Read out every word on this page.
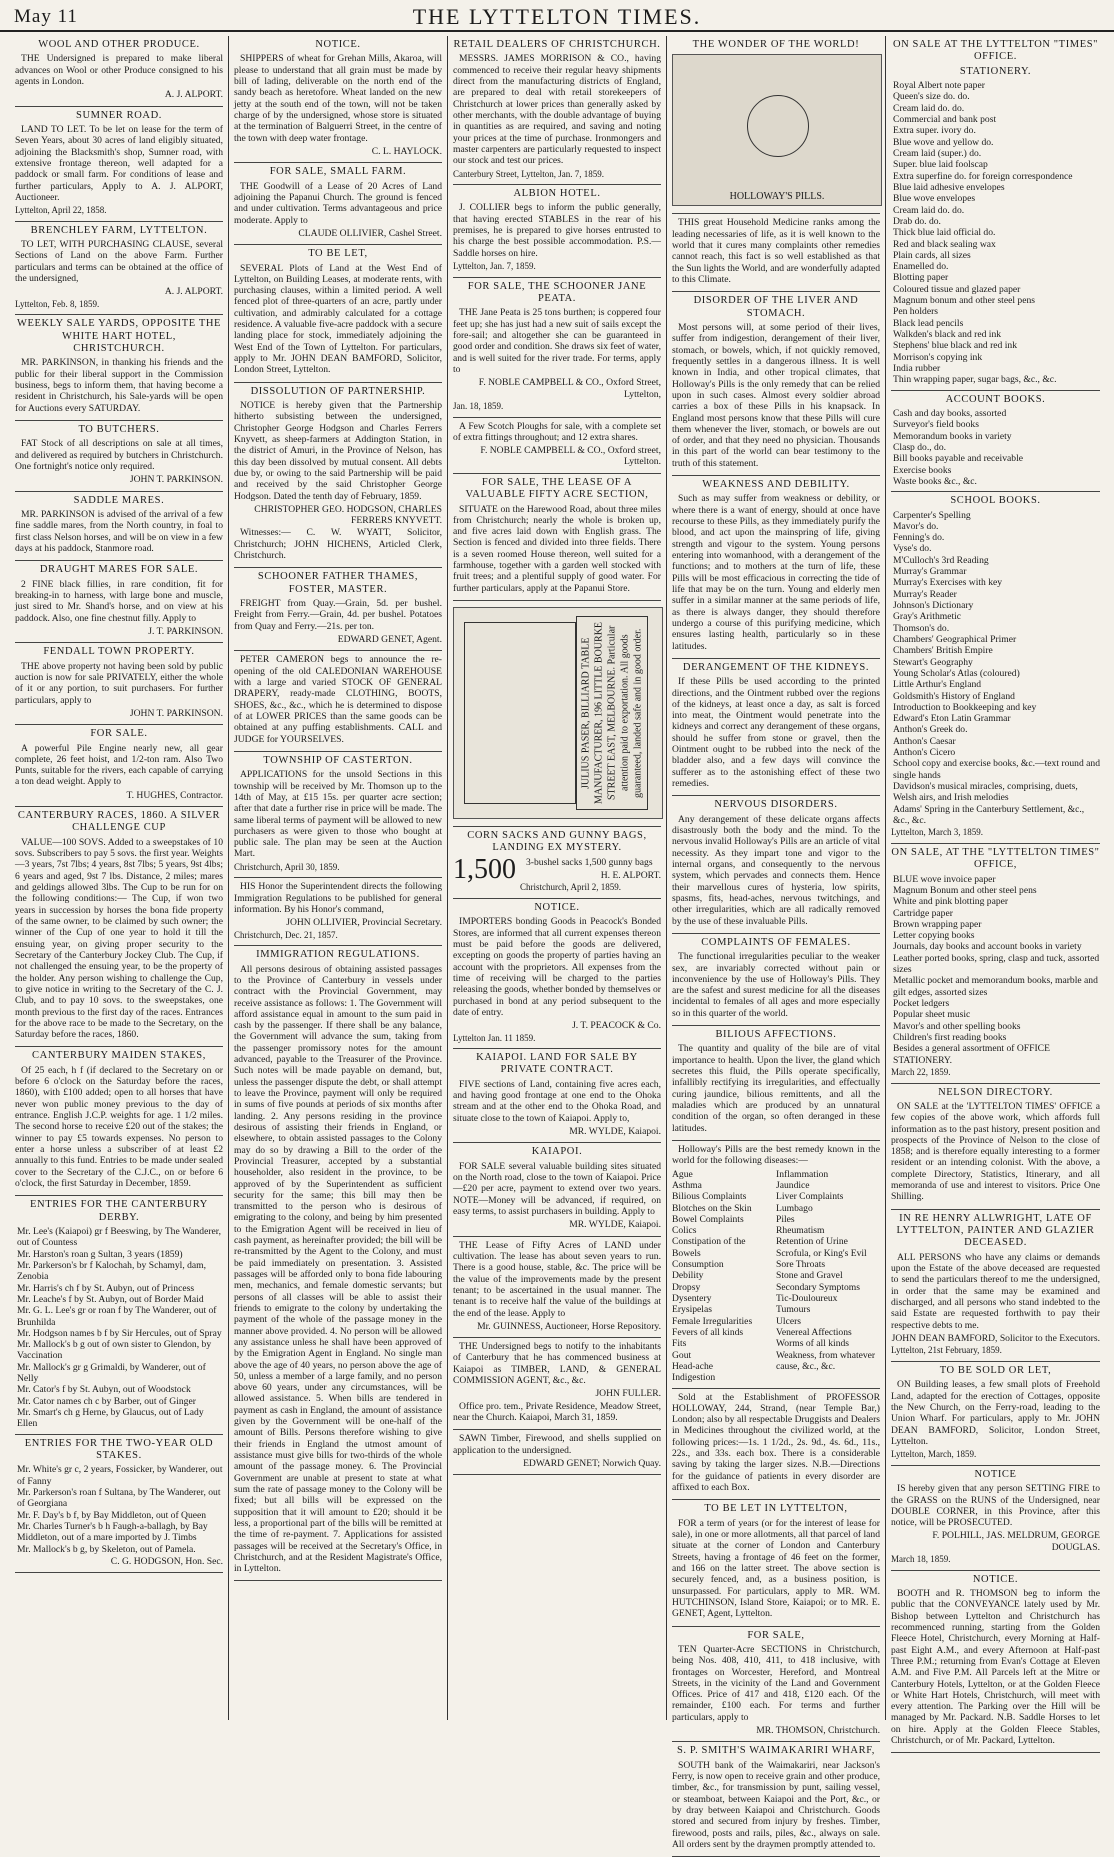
May 11	THE LYTTELTON TIMES.
WOOL AND OTHER PRODUCE.

THE Undersigned is prepared to make liberal advances on Wool or other Produce consigned to his agents in London.

A. J. ALPORT.
SUMNER ROAD.

LAND TO LET. To be let on lease for the term of Seven Years, about 30 acres of land eligibly situated, adjoining the Blacksmith's shop, Sumner road, with extensive frontage thereon, well adapted for a paddock or small farm. For conditions of lease and further particulars, Apply to A. J. ALPORT, Auctioneer.

Lyttelton, April 22, 1858.

BRENCHLEY FARM, LYTTELTON.

TO LET, WITH PURCHASING CLAUSE, several Sections of Land on the above Farm. Further particulars and terms can be obtained at the office of the undersigned,

A. J. ALPORT.

Lyttelton, Feb. 8, 1859.

WEEKLY SALE YARDS, OPPOSITE THE WHITE HART HOTEL, CHRISTCHURCH.

MR. PARKINSON, in thanking his friends and the public for their liberal support in the Commission business, begs to inform them, that having become a resident in Christchurch, his Sale-yards will be open for Auctions every SATURDAY.

TO BUTCHERS.

FAT Stock of all descriptions on sale at all times, and delivered as required by butchers in Christchurch. One fortnight's notice only required.

JOHN T. PARKINSON.
SADDLE MARES.

MR. PARKINSON is advised of the arrival of a few fine saddle mares, from the North country, in foal to first class Nelson horses, and will be on view in a few days at his paddock, Stanmore road.

DRAUGHT MARES FOR SALE.

2 FINE black fillies, in rare condition, fit for breaking-in to harness, with large bone and muscle, just sired to Mr. Shand's horse, and on view at his paddock. Also, one fine chestnut filly. Apply to

J. T. PARKINSON.
FENDALL TOWN PROPERTY.

THE above property not having been sold by public auction is now for sale PRIVATELY, either the whole of it or any portion, to suit purchasers. For further particulars, apply to

JOHN T. PARKINSON.
FOR SALE.

A powerful Pile Engine nearly new, all gear complete, 26 feet hoist, and 1/2-ton ram. Also Two Punts, suitable for the rivers, each capable of carrying a ton dead weight. Apply to

T. HUGHES, Contractor.
CANTERBURY RACES, 1860. A SILVER CHALLENGE CUP

VALUE—100 SOVS. Added to a sweepstakes of 10 sovs. Subscribers to pay 5 sovs. the first year. Weights—3 years, 7st 7lbs; 4 years, 8st 7lbs; 5 years, 9st 4lbs; 6 years and aged, 9st 7 lbs. Distance, 2 miles; mares and geldings allowed 3lbs. The Cup to be run for on the following conditions:— The Cup, if won two years in succession by horses the bona fide property of the same owner, to be claimed by such owner; the winner of the Cup of one year to hold it till the ensuing year, on giving proper security to the Secretary of the Canterbury Jockey Club. The Cup, if not challenged the ensuing year, to be the property of the holder. Any person wishing to challenge the Cup, to give notice in writing to the Secretary of the C. J. Club, and to pay 10 sovs. to the sweepstakes, one month previous to the first day of the races. Entrances for the above race to be made to the Secretary, on the Saturday before the races, 1860.

CANTERBURY MAIDEN STAKES,

Of 25 each, h f (if declared to the Secretary on or before 6 o'clock on the Saturday before the races, 1860), with £100 added; open to all horses that have never won public money previous to the day of entrance. English J.C.P. weights for age. 1 1/2 miles. The second horse to receive £20 out of the stakes; the winner to pay £5 towards expenses. No person to enter a horse unless a subscriber of at least £2 annually to this fund. Entries to be made under sealed cover to the Secretary of the C.J.C., on or before 6 o'clock, the first Saturday in December, 1859.

ENTRIES FOR THE CANTERBURY DERBY.
Mr. Lee's (Kaiapoi) gr f Beeswing, by The Wanderer, out of Countess
Mr. Harston's roan g Sultan, 3 years (1859)
Mr. Parkerson's br f Kalochah, by Schamyl, dam, Zenobia
Mr. Harris's ch f by St. Aubyn, out of Princess
Mr. Leache's f by St. Aubyn, out of Border Maid
Mr. G. L. Lee's gr or roan f by The Wanderer, out of Brunhilda
Mr. Hodgson names b f by Sir Hercules, out of Spray
Mr. Mallock's b g out of own sister to Glendon, by Vaccination
Mr. Mallock's gr g Grimaldi, by Wanderer, out of Nelly
Mr. Cator's f by St. Aubyn, out of Woodstock
Mr. Cator names ch c by Barber, out of Ginger
Mr. Smart's ch g Herne, by Glaucus, out of Lady Ellen
ENTRIES FOR THE TWO-YEAR OLD STAKES.
Mr. White's gr c, 2 years, Fossicker, by Wanderer, out of Fanny
Mr. Parkerson's roan f Sultana, by The Wanderer, out of Georgiana
Mr. F. Day's b f, by Bay Middleton, out of Queen
Mr. Charles Turner's b h Faugh-a-ballagh, by Bay Middleton, out of a mare imported by J. Timbs
Mr. Mallock's b g, by Skeleton, out of Pamela.
C. G. HODGSON, Hon. Sec.
NOTICE.

SHIPPERS of wheat for Grehan Mills, Akaroa, will please to understand that all grain must be made by bill of lading, deliverable on the north end of the sandy beach as heretofore. Wheat landed on the new jetty at the south end of the town, will not be taken charge of by the undersigned, whose store is situated at the termination of Balguerri Street, in the centre of the town with deep water frontage.

C. L. HAYLOCK.
FOR SALE, SMALL FARM.

THE Goodwill of a Lease of 20 Acres of Land adjoining the Papanui Church. The ground is fenced and under cultivation. Terms advantageous and price moderate. Apply to

CLAUDE OLLIVIER, Cashel Street.
TO BE LET,

SEVERAL Plots of Land at the West End of Lyttelton, on Building Leases, at moderate rents, with purchasing clauses, within a limited period. A well fenced plot of three-quarters of an acre, partly under cultivation, and admirably calculated for a cottage residence. A valuable five-acre paddock with a secure landing place for stock, immediately adjoining the West End of the Town of Lyttelton. For particulars, apply to Mr. JOHN DEAN BAMFORD, Solicitor, London Street, Lyttelton.

DISSOLUTION OF PARTNERSHIP.

NOTICE is hereby given that the Partnership hitherto subsisting between the undersigned, Christopher George Hodgson and Charles Ferrers Knyvett, as sheep-farmers at Addington Station, in the district of Amuri, in the Province of Nelson, has this day been dissolved by mutual consent. All debts due by, or owing to the said Partnership will be paid and received by the said Christopher George Hodgson. Dated the tenth day of February, 1859.

CHRISTOPHER GEO. HODGSON, CHARLES FERRERS KNYVETT.

Witnesses:— C. W. WYATT, Solicitor, Christchurch; JOHN HICHENS, Articled Clerk, Christchurch.

SCHOONER FATHER THAMES, FOSTER, MASTER.

FREIGHT from Quay.—Grain, 5d. per bushel. Freight from Ferry.—Grain, 4d. per bushel. Potatoes from Quay and Ferry.—21s. per ton.

EDWARD GENET, Agent.

PETER CAMERON begs to announce the re-opening of the old CALEDONIAN WAREHOUSE with a large and varied STOCK OF GENERAL DRAPERY, ready-made CLOTHING, BOOTS, SHOES, &c., &c., which he is determined to dispose of at LOWER PRICES than the same goods can be obtained at any puffing establishments. CALL and JUDGE for YOURSELVES.

TOWNSHIP OF CASTERTON.

APPLICATIONS for the unsold Sections in this township will be received by Mr. Thomson up to the 14th of May, at £15 15s. per quarter acre section; after that date a further rise in price will be made. The same liberal terms of payment will be allowed to new purchasers as were given to those who bought at public sale. The plan may be seen at the Auction Mart.

Christchurch, April 30, 1859.

HIS Honor the Superintendent directs the following Immigration Regulations to be published for general information. By his Honor's command,

JOHN OLLIVIER, Provincial Secretary.

Christchurch, Dec. 21, 1857.

IMMIGRATION REGULATIONS.

All persons desirous of obtaining assisted passages to the Province of Canterbury in vessels under contract with the Provincial Government, may receive assistance as follows: 1. The Government will afford assistance equal in amount to the sum paid in cash by the passenger. If there shall be any balance, the Government will advance the sum, taking from the passenger promissory notes for the amount advanced, payable to the Treasurer of the Province. Such notes will be made payable on demand, but, unless the passenger dispute the debt, or shall attempt to leave the Province, payment will only be required in sums of five pounds at periods of six months after landing. 2. Any persons residing in the province desirous of assisting their friends in England, or elsewhere, to obtain assisted passages to the Colony may do so by drawing a Bill to the order of the Provincial Treasurer, accepted by a substantial householder, also resident in the province, to be approved of by the Superintendent as sufficient security for the same; this bill may then be transmitted to the person who is desirous of emigrating to the colony, and being by him presented to the Emigration Agent will be received in lieu of cash payment, as hereinafter provided; the bill will be re-transmitted by the Agent to the Colony, and must be paid immediately on presentation. 3. Assisted passages will be afforded only to bona fide labouring men, mechanics, and female domestic servants; but persons of all classes will be able to assist their friends to emigrate to the colony by undertaking the payment of the whole of the passage money in the manner above provided. 4. No person will be allowed any assistance unless he shall have been approved of by the Emigration Agent in England. No single man above the age of 40 years, no person above the age of 50, unless a member of a large family, and no person above 60 years, under any circumstances, will be allowed assistance. 5. When bills are tendered in payment as cash in England, the amount of assistance given by the Government will be one-half of the amount of Bills. Persons therefore wishing to give their friends in England the utmost amount of assistance must give bills for two-thirds of the whole amount of the passage money. 6. The Provincial Government are unable at present to state at what sum the rate of passage money to the Colony will be fixed; but all bills will be expressed on the supposition that it will amount to £20; should it be less, a proportional part of the bills will be remitted at the time of re-payment. 7. Applications for assisted passages will be received at the Secretary's Office, in Christchurch, and at the Resident Magistrate's Office, in Lyttelton.

RETAIL DEALERS OF CHRISTCHURCH.

MESSRS. JAMES MORRISON & CO., having commenced to receive their regular heavy shipments direct from the manufacturing districts of England, are prepared to deal with retail storekeepers of Christchurch at lower prices than generally asked by other merchants, with the double advantage of buying in quantities as are required, and saving and noting your prices at the time of purchase. Ironmongers and master carpenters are particularly requested to inspect our stock and test our prices.

Canterbury Street, Lyttelton, Jan. 7, 1859.

ALBION HOTEL.

J. COLLIER begs to inform the public generally, that having erected STABLES in the rear of his premises, he is prepared to give horses entrusted to his charge the best possible accommodation. P.S.—Saddle horses on hire.

Lyttelton, Jan. 7, 1859.

FOR SALE, THE SCHOONER JANE PEATA.

THE Jane Peata is 25 tons burthen; is coppered four feet up; she has just had a new suit of sails except the fore-sail; and altogether she can be guaranteed in good order and condition. She draws six feet of water, and is well suited for the river trade. For terms, apply to

F. NOBLE CAMPBELL & CO., Oxford Street, Lyttelton,

Jan. 18, 1859.

A Few Scotch Ploughs for sale, with a complete set of extra fittings throughout; and 12 extra shares.

F. NOBLE CAMPBELL & CO., Oxford street, Lyttelton.
FOR SALE, THE LEASE OF A VALUABLE FIFTY ACRE SECTION,

SITUATE on the Harewood Road, about three miles from Christchurch; nearly the whole is broken up, and five acres laid down with English grass. The Section is fenced and divided into three fields. There is a seven roomed House thereon, well suited for a farmhouse, together with a garden well stocked with fruit trees; and a plentiful supply of good water. For further particulars, apply at the Papanui Store.

JULIUS PASER, BILLIARD TABLE MANUFACTURER, 196 LITTLE BOURKE STREET EAST, MELBOURNE. Particular attention paid to exportation. All goods guaranteed, landed safe and in good order.
CORN SACKS AND GUNNY BAGS, LANDING EX MYSTERY.
1,500	3-bushel sacks 1,500 gunny bags

H. E. ALPORT.

Christchurch, April 2, 1859.

NOTICE.

IMPORTERS bonding Goods in Peacock's Bonded Stores, are informed that all current expenses thereon must be paid before the goods are delivered, excepting on goods the property of parties having an account with the proprietors. All expenses from the time of receiving will be charged to the parties releasing the goods, whether bonded by themselves or purchased in bond at any period subsequent to the date of entry.

J. T. PEACOCK & Co.

Lyttelton Jan. 11 1859.

KAIAPOI. LAND FOR SALE BY PRIVATE CONTRACT.

FIVE sections of Land, containing five acres each, and having good frontage at one end to the Ohoka stream and at the other end to the Ohoka Road, and situate close to the town of Kaiapoi. Apply to,

MR. WYLDE, Kaiapoi.
KAIAPOI.

FOR SALE several valuable building sites situated on the North road, close to the town of Kaiapoi. Price—£20 per acre, payment to extend over two years. NOTE—Money will be advanced, if required, on easy terms, to assist purchasers in building. Apply to

MR. WYLDE, Kaiapoi.

THE Lease of Fifty Acres of LAND under cultivation. The lease has about seven years to run. There is a good house, stable, &c. The price will be the value of the improvements made by the present tenant; to be ascertained in the usual manner. The tenant is to receive half the value of the buildings at the end of the lease. Apply to

Mr. GUINNESS, Auctioneer, Horse Repository.

THE Undersigned begs to notify to the inhabitants of Canterbury that he has commenced business at Kaiapoi as TIMBER, LAND, & GENERAL COMMISSION AGENT, &c., &c.

JOHN FULLER.

Office pro. tem., Private Residence, Meadow Street, near the Church. Kaiapoi, March 31, 1859.

SAWN Timber, Firewood, and shells supplied on application to the undersigned.

EDWARD GENET; Norwich Quay.
THE WONDER OF THE WORLD!
HOLLOWAY'S PILLS.

THIS great Household Medicine ranks among the leading necessaries of life, as it is well known to the world that it cures many complaints other remedies cannot reach, this fact is so well established as that the Sun lights the World, and are wonderfully adapted to this Climate.

DISORDER OF THE LIVER AND STOMACH.

Most persons will, at some period of their lives, suffer from indigestion, derangement of their liver, stomach, or bowels, which, if not quickly removed, frequently settles in a dangerous illness. It is well known in India, and other tropical climates, that Holloway's Pills is the only remedy that can be relied upon in such cases. Almost every soldier abroad carries a box of these Pills in his knapsack. In England most persons know that these Pills will cure them whenever the liver, stomach, or bowels are out of order, and that they need no physician. Thousands in this part of the world can bear testimony to the truth of this statement.

WEAKNESS AND DEBILITY.

Such as may suffer from weakness or debility, or where there is a want of energy, should at once have recourse to these Pills, as they immediately purify the blood, and act upon the mainspring of life, giving strength and vigour to the system. Young persons entering into womanhood, with a derangement of the functions; and to mothers at the turn of life, these Pills will be most efficacious in correcting the tide of life that may be on the turn. Young and elderly men suffer in a similar manner at the same periods of life, as there is always danger, they should therefore undergo a course of this purifying medicine, which ensures lasting health, particularly so in these latitudes.

DERANGEMENT OF THE KIDNEYS.

If these Pills be used according to the printed directions, and the Ointment rubbed over the regions of the kidneys, at least once a day, as salt is forced into meat, the Ointment would penetrate into the kidneys and correct any derangement of these organs, should he suffer from stone or gravel, then the Ointment ought to be rubbed into the neck of the bladder also, and a few days will convince the sufferer as to the astonishing effect of these two remedies.

NERVOUS DISORDERS.

Any derangement of these delicate organs affects disastrously both the body and the mind. To the nervous invalid Holloway's Pills are an article of vital necessity. As they impart tone and vigor to the internal organs, and consequently to the nervous system, which pervades and connects them. Hence their marvellous cures of hysteria, low spirits, spasms, fits, head-aches, nervous twitchings, and other irregularities, which are all radically removed by the use of these invaluable Pills.

COMPLAINTS OF FEMALES.

The functional irregularities peculiar to the weaker sex, are invariably corrected without pain or inconvenience by the use of Holloway's Pills. They are the safest and surest medicine for all the diseases incidental to females of all ages and more especially so in this quarter of the world.

BILIOUS AFFECTIONS.

The quantity and quality of the bile are of vital importance to health. Upon the liver, the gland which secretes this fluid, the Pills operate specifically, infallibly rectifying its irregularities, and effectually curing jaundice, bilious remittents, and all the maladies which are produced by an unnatural condition of the organ, so often deranged in these latitudes.

Holloway's Pills are the best remedy known in the world for the following diseases:—

Ague
Asthma
Bilious Complaints
Blotches on the Skin
Bowel Complaints
Colics
Constipation of the Bowels
Consumption
Debility
Dropsy
Dysentery
Erysipelas
Female Irregularities
Fevers of all kinds
Fits
Gout
Head-ache
Indigestion
Inflammation
Jaundice
Liver Complaints
Lumbago
Piles
Rheumatism
Retention of Urine
Scrofula, or King's Evil
Sore Throats
Stone and Gravel
Secondary Symptoms
Tic-Douloureux
Tumours
Ulcers
Venereal Affections
Worms of all kinds
Weakness, from whatever cause, &c., &c.

Sold at the Establishment of PROFESSOR HOLLOWAY, 244, Strand, (near Temple Bar,) London; also by all respectable Druggists and Dealers in Medicines throughout the civilized world, at the following prices:—1s. 1 1/2d., 2s. 9d., 4s. 6d., 11s., 22s., and 33s. each box. There is a considerable saving by taking the larger sizes. N.B.—Directions for the guidance of patients in every disorder are affixed to each Box.

TO BE LET IN LYTTELTON,

FOR a term of years (or for the interest of lease for sale), in one or more allotments, all that parcel of land situate at the corner of London and Canterbury Streets, having a frontage of 46 feet on the former, and 166 on the latter street. The above section is securely fenced, and, as a business position, is unsurpassed. For particulars, apply to MR. WM. HUTCHINSON, Island Store, Kaiapoi; or to MR. E. GENET, Agent, Lyttelton.

FOR SALE,

TEN Quarter-Acre SECTIONS in Christchurch, being Nos. 408, 410, 411, to 418 inclusive, with frontages on Worcester, Hereford, and Montreal Streets, in the vicinity of the Land and Government Offices. Price of 417 and 418, £120 each. Of the remainder, £100 each. For terms and further particulars, apply to

MR. THOMSON, Christchurch.
S. P. SMITH'S WAIMAKARIRI WHARF,

SOUTH bank of the Waimakariri, near Jackson's Ferry, is now open to receive grain and other produce, timber, &c., for transmission by punt, sailing vessel, or steamboat, between Kaiapoi and the Port, &c., or by dray between Kaiapoi and Christchurch. Goods stored and secured from injury by freshes. Timber, firewood, posts and rails, piles, &c., always on sale. All orders sent by the draymen promptly attended to.

ON SALE AT THE LYTTELTON "TIMES" OFFICE.
STATIONERY.
Royal Albert note paper
Queen's size do. do.
Cream laid do. do.
Commercial and bank post
Extra super. ivory do.
Blue wove and yellow do.
Cream laid (super.) do.
Super. blue laid foolscap
Extra superfine do. for foreign correspondence
Blue laid adhesive envelopes
Blue wove envelopes
Cream laid do. do.
Drab do. do.
Thick blue laid official do.
Red and black sealing wax
Plain cards, all sizes
Enamelled do.
Blotting paper
Coloured tissue and glazed paper
Magnum bonum and other steel pens
Pen holders
Black lead pencils
Walkden's black and red ink
Stephens' blue black and red ink
Morrison's copying ink
India rubber
Thin wrapping paper, sugar bags, &c., &c.
ACCOUNT BOOKS.
Cash and day books, assorted
Surveyor's field books
Memorandum books in variety
Clasp do., do.
Bill books payable and receivable
Exercise books
Waste books &c., &c.
SCHOOL BOOKS.
Carpenter's Spelling
Mavor's do.
Fenning's do.
Vyse's do.
M'Culloch's 3rd Reading
Murray's Grammar
Murray's Exercises with key
Murray's Reader
Johnson's Dictionary
Gray's Arithmetic
Thomson's do.
Chambers' Geographical Primer
Chambers' British Empire
Stewart's Geography
Young Scholar's Atlas (coloured)
Little Arthur's England
Goldsmith's History of England
Introduction to Bookkeeping and key
Edward's Eton Latin Grammar
Anthon's Greek do.
Anthon's Caesar
Anthon's Cicero
School copy and exercise books, &c.—text round and single hands
Davidson's musical miracles, comprising, duets, Welsh airs, and Irish melodies
Adams' Spring in the Canterbury Settlement, &c., &c., &c.

Lyttelton, March 3, 1859.

ON SALE, AT THE "LYTTELTON TIMES" OFFICE,
BLUE wove invoice paper
Magnum Bonum and other steel pens
White and pink blotting paper
Cartridge paper
Brown wrapping paper
Letter copying books
Journals, day books and account books in variety
Leather ported books, spring, clasp and tuck, assorted sizes
Metallic pocket and memorandum books, marble and gilt edges, assorted sizes
Pocket ledgers
Popular sheet music
Mavor's and other spelling books
Children's first reading books
Besides a general assortment of OFFICE STATIONERY.

March 22, 1859.

NELSON DIRECTORY.

ON SALE at the 'LYTTELTON TIMES' OFFICE a few copies of the above work, which affords full information as to the past history, present position and prospects of the Province of Nelson to the close of 1858; and is therefore equally interesting to a former resident or an intending colonist. With the above, a complete Directory, Statistics, Itinerary, and all memoranda of use and interest to visitors. Price One Shilling.

IN RE HENRY ALLWRIGHT, LATE OF LYTTELTON, PAINTER AND GLAZIER DECEASED.

ALL PERSONS who have any claims or demands upon the Estate of the above deceased are requested to send the particulars thereof to me the undersigned, in order that the same may be examined and discharged, and all persons who stand indebted to the said Estate are requested forthwith to pay their respective debts to me.

JOHN DEAN BAMFORD, Solicitor to the Executors.

Lyttelton, 21st February, 1859.

TO BE SOLD OR LET,

ON Building leases, a few small plots of Freehold Land, adapted for the erection of Cottages, opposite the New Church, on the Ferry-road, leading to the Union Wharf. For particulars, apply to Mr. JOHN DEAN BAMFORD, Solicitor, London Street, Lyttelton.

Lyttelton, March, 1859.

NOTICE

IS hereby given that any person SETTING FIRE to the GRASS on the RUNS of the Undersigned, near DOUBLE CORNER, in this Province, after this notice, will be PROSECUTED.

F. POLHILL, JAS. MELDRUM, GEORGE DOUGLAS.

March 18, 1859.

NOTICE.

BOOTH and R. THOMSON beg to inform the public that the CONVEYANCE lately used by Mr. Bishop between Lyttelton and Christchurch has recommenced running, starting from the Golden Fleece Hotel, Christchurch, every Morning at Half-past Eight A.M., and every Afternoon at Half-past Three P.M.; returning from Evan's Cottage at Eleven A.M. and Five P.M. All Parcels left at the Mitre or Canterbury Hotels, Lyttelton, or at the Golden Fleece or White Hart Hotels, Christchurch, will meet with every attention. The Parking over the Hill will be managed by Mr. Packard. N.B. Saddle Horses to let on hire. Apply at the Golden Fleece Stables, Christchurch, or of Mr. Packard, Lyttelton.
